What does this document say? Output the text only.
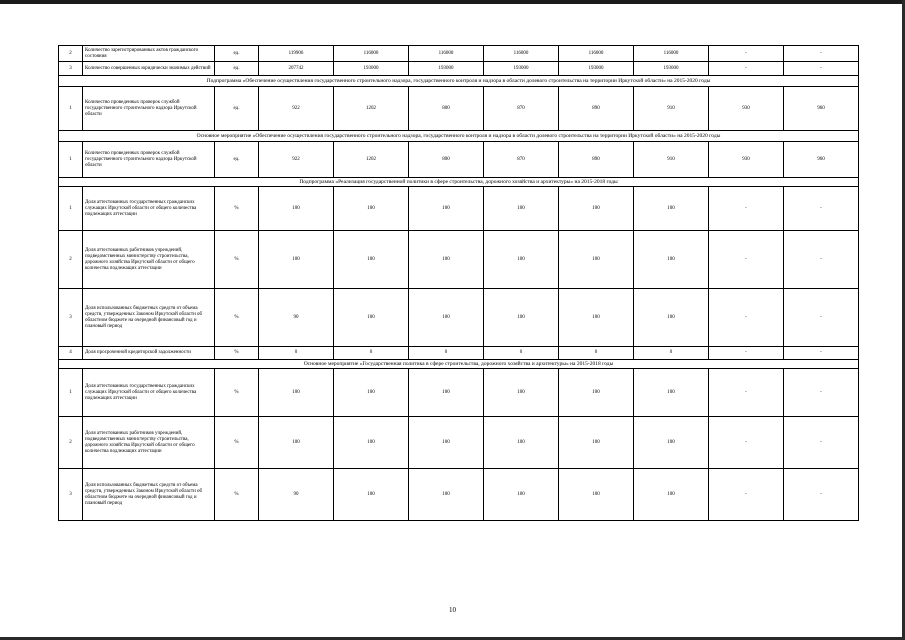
2	Количество зарегистрированных актов гражданского состояния	ед.	119906	116000	116000	116000	116000	116000	-	-
3	Количество совершенных юридически значимых действий	ед.	207742	193000	193000	193000	193000	193000	-	-
Подпрограмма «Обеспечение осуществления государственного строительного надзора, государственного контроля и надзора в области долевого строительства на территории Иркутской области» на 2015-2020 годы										
1	Количество проведенных проверок службой государственного строительного надзора Иркутской области	ед.	922	1202	800	870	890	910	930	960
Основное мероприятие «Обеспечение осуществления государственного строительного надзора, государственного контроля и надзора в области долевого строительства на территории Иркутской области» на 2015-2020 годы										
1	Количество проведенных проверок службой государственного строительного надзора Иркутской области	ед.	922	1202	800	870	890	910	930	960
Подпрограмма «Реализация государственной политики в сфере строительства, дорожного хозяйства и архитектуры» на 2015-2018 годы										
1	Доля аттестованных государственных гражданских служащих Иркутской области от общего количества подлежащих аттестации	%	100	100	100	100	100	100	-	-
2	Доля аттестованных работников учреждений, подведомственных министерству строительства, дорожного хозяйства Иркутской области от общего количества подлежащих аттестации	%	100	100	100	100	100	100	-	-
3	Доля использованных бюджетных средств от объема средств, утвержденных Законом Иркутской области об областном бюджете на очередной финансовый год и плановый период	%	90	100	100	100	100	100	-	-
4	Доля просроченной кредиторской задолженности	%	0	0	0	0	0	0	-	-
Основное мероприятие «Государственная политика в сфере строительства, дорожного хозяйства и архитектуры» на 2015-2018 годы										
1	Доля аттестованных государственных гражданских служащих Иркутской области от общего количества подлежащих аттестации	%	100	100	100	100	100	100	-	-
2	Доля аттестованных работников учреждений, подведомственных министерству строительства, дорожного хозяйства Иркутской области от общего количества подлежащих аттестации	%	100	100	100	100	100	100	-	-
3	Доля использованных бюджетных средств от объема средств, утвержденных Законом Иркутской области об областном бюджете на очередной финансовый год и плановый период	%	90	100	100	100	100	100	-	-
10
